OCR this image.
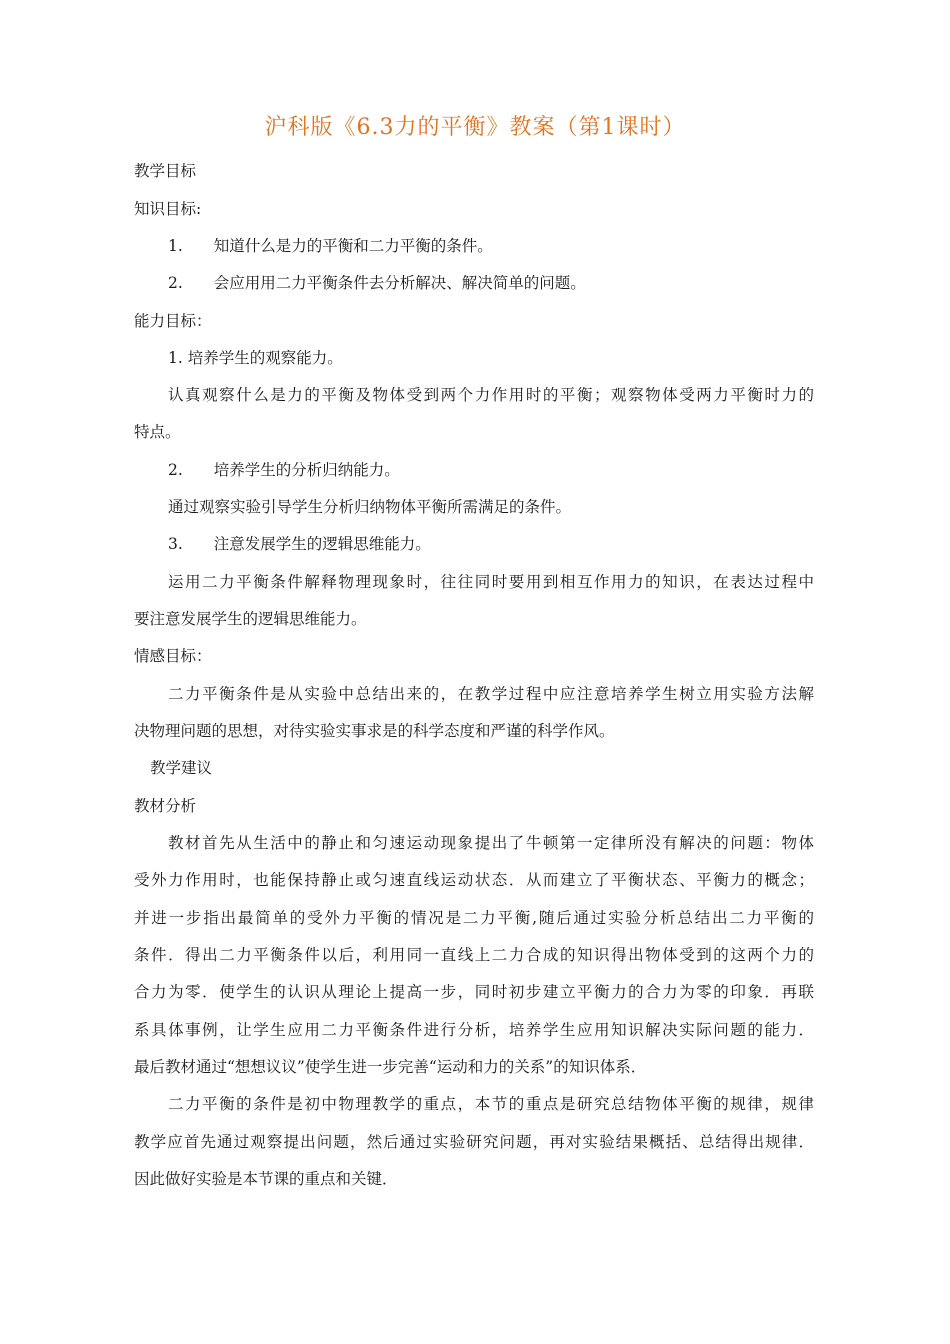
沪科版《6.3力的平衡》教案（第1课时）
教学目标
知识目标:
1.　　知道什么是力的平衡和二力平衡的条件。
2.　　会应用用二力平衡条件去分析解决、解决简单的问题。
能力目标：
1. 培养学生的观察能力。
认真观察什么是力的平衡及物体受到两个力作用时的平衡；观察物体受两力平衡时力的
特点。
2.　　培养学生的分析归纳能力。
通过观察实验引导学生分析归纳物体平衡所需满足的条件。
3.　　注意发展学生的逻辑思维能力。
运用二力平衡条件解释物理现象时，往往同时要用到相互作用力的知识，在表达过程中
要注意发展学生的逻辑思维能力。
情感目标：
二力平衡条件是从实验中总结出来的，在教学过程中应注意培养学生树立用实验方法解
决物理问题的思想，对待实验实事求是的科学态度和严谨的科学作风。
教学建议
教材分析
教材首先从生活中的静止和匀速运动现象提出了牛顿第一定律所没有解决的问题：物体
受外力作用时，也能保持静止或匀速直线运动状态．从而建立了平衡状态、平衡力的概念；
并进一步指出最简单的受外力平衡的情况是二力平衡,随后通过实验分析总结出二力平衡的
条件．得出二力平衡条件以后，利用同一直线上二力合成的知识得出物体受到的这两个力的
合力为零．使学生的认识从理论上提高一步，同时初步建立平衡力的合力为零的印象．再联
系具体事例，让学生应用二力平衡条件进行分析，培养学生应用知识解决实际问题的能力．
最后教材通过“想想议议”使学生进一步完善“运动和力的关系”的知识体系．
二力平衡的条件是初中物理教学的重点，本节的重点是研究总结物体平衡的规律，规律
教学应首先通过观察提出问题，然后通过实验研究问题，再对实验结果概括、总结得出规律．
因此做好实验是本节课的重点和关键．
